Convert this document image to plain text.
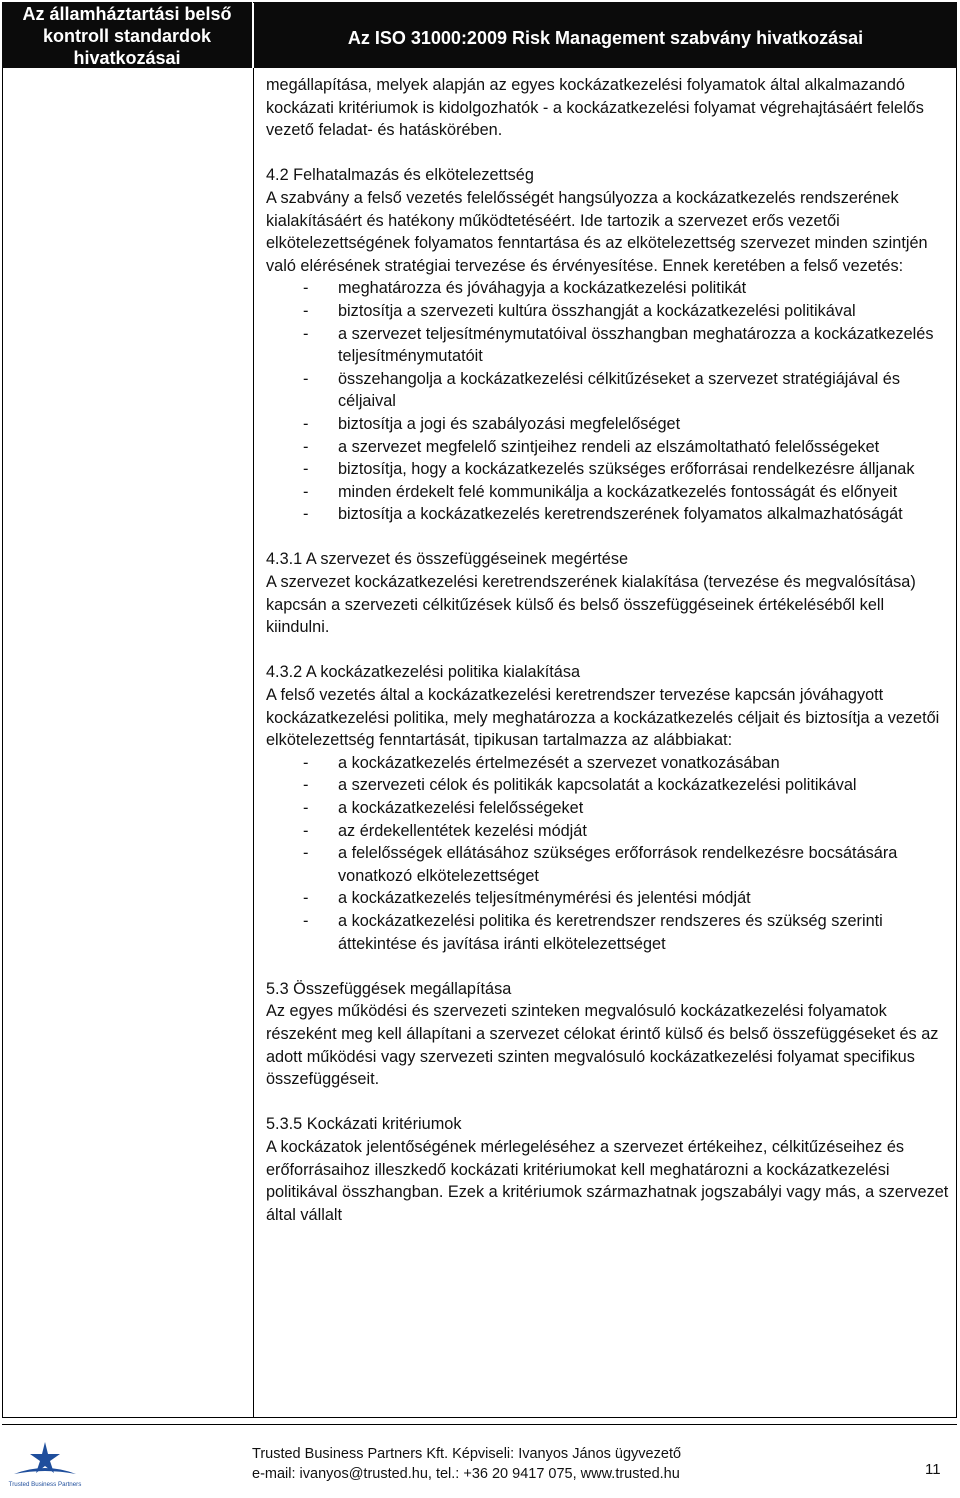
Az államháztartási belső kontroll standardok hivatkozásai
Az ISO 31000:2009 Risk Management szabvány hivatkozásai

megállapítása, melyek alapján az egyes kockázatkezelési folyamatok által alkalmazandó kockázati kritériumok is kidolgozhatók - a kockázatkezelési folyamat végrehajtásáért felelős vezető feladat- és hatáskörében.

4.2 Felhatalmazás és elkötelezettség

A szabvány a felső vezetés felelősségét hangsúlyozza a kockázatkezelés rendszerének kialakításáért és hatékony működtetéséért. Ide tartozik a szervezet erős vezetői elkötelezettségének folyamatos fenntartása és az elkötelezettség szervezet minden szintjén való elérésének stratégiai tervezése és érvényesítése. Ennek keretében a felső vezetés:

- meghatározza és jóváhagyja a kockázatkezelési politikát
- biztosítja a szervezeti kultúra összhangját a kockázatkezelési politikával
- a szervezet teljesítménymutatóival összhangban meghatározza a kockázatkezelés teljesítménymutatóit
- összehangolja a kockázatkezelési célkitűzéseket a szervezet stratégiájával és céljaival
- biztosítja a jogi és szabályozási megfelelőséget
- a szervezet megfelelő szintjeihez rendeli az elszámoltatható felelősségeket
- biztosítja, hogy a kockázatkezelés szükséges erőforrásai rendelkezésre álljanak
- minden érdekelt felé kommunikálja a kockázatkezelés fontosságát és előnyeit
- biztosítja a kockázatkezelés keretrendszerének folyamatos alkalmazhatóságát

4.3.1 A szervezet és összefüggéseinek megértése

A szervezet kockázatkezelési keretrendszerének kialakítása (tervezése és megvalósítása) kapcsán a szervezeti célkitűzések külső és belső összefüggéseinek értékeléséből kell kiindulni.

4.3.2 A kockázatkezelési politika kialakítása

A felső vezetés által a kockázatkezelési keretrendszer tervezése kapcsán jóváhagyott kockázatkezelési politika, mely meghatározza a kockázatkezelés céljait és biztosítja a vezetői elkötelezettség fenntartását, tipikusan tartalmazza az alábbiakat:

- a kockázatkezelés értelmezését a szervezet vonatkozásában
- a szervezeti célok és politikák kapcsolatát a kockázatkezelési politikával
- a kockázatkezelési felelősségeket
- az érdekellentétek kezelési módját
- a felelősségek ellátásához szükséges erőforrások rendelkezésre bocsátására vonatkozó elkötelezettséget
- a kockázatkezelés teljesítménymérési és jelentési módját
- a kockázatkezelési politika és keretrendszer rendszeres és szükség szerinti áttekintése és javítása iránti elkötelezettséget

5.3 Összefüggések megállapítása

Az egyes működési és szervezeti szinteken megvalósuló kockázatkezelési folyamatok részeként meg kell állapítani a szervezet célokat érintő külső és belső összefüggéseket és az adott működési vagy szervezeti szinten megvalósuló kockázatkezelési folyamat specifikus összefüggéseit.

5.3.5 Kockázati kritériumok

A kockázatok jelentőségének mérlegeléséhez a szervezet értékeihez, célkitűzéseihez és erőforrásaihoz illeszkedő kockázati kritériumokat kell meghatározni a kockázatkezelési politikával összhangban. Ezek a kritériumok származhatnak jogszabályi vagy más, a szervezet által vállalt

Trusted Business Partners
Trusted Business Partners Kft. Képviseli: Ivanyos János ügyvezető
e-mail: ivanyos@trusted.hu, tel.: +36 20 9417 075, www.trusted.hu	11
